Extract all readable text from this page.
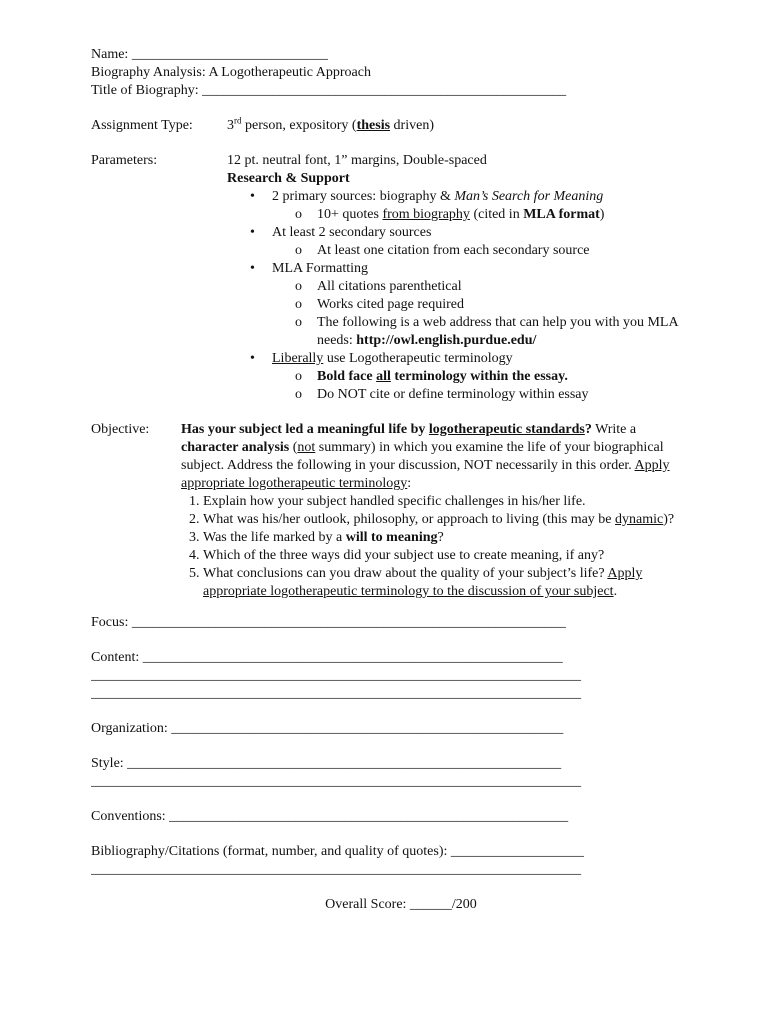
Name: ____________________________
Biography Analysis: A Logotherapeutic Approach
Title of Biography: ____________________________________________________
Assignment Type:	3rd person, expository (thesis driven)
Parameters:	12 pt. neutral font, 1” margins, Double-spaced
Research & Support
• 2 primary sources: biography & Man’s Search for Meaning
o 10+ quotes from biography (cited in MLA format)
• At least 2 secondary sources
o At least one citation from each secondary source
• MLA Formatting
o All citations parenthetical
o Works cited page required
o The following is a web address that can help you with you MLA needs: http://owl.english.purdue.edu/
• Liberally use Logotherapeutic terminology
o Bold face all terminology within the essay.
o Do NOT cite or define terminology within essay
Objective:	Has your subject led a meaningful life by logotherapeutic standards? Write a character analysis (not summary) in which you examine the life of your biographical subject. Address the following in your discussion, NOT necessarily in this order. Apply appropriate logotherapeutic terminology:
1. Explain how your subject handled specific challenges in his/her life.
2. What was his/her outlook, philosophy, or approach to living (this may be dynamic)?
3. Was the life marked by a will to meaning?
4. Which of the three ways did your subject use to create meaning, if any?
5. What conclusions can you draw about the quality of your subject’s life? Apply appropriate logotherapeutic terminology to the discussion of your subject.
Focus: ______________________________________________________________
Content: ____________________________________________________________
______________________________________________________________________
______________________________________________________________________
Organization: ________________________________________________________
Style: ______________________________________________________________
______________________________________________________________________
Conventions: _________________________________________________________
Bibliography/Citations (format, number, and quality of quotes): ___________________
______________________________________________________________________
Overall Score: ______/200
